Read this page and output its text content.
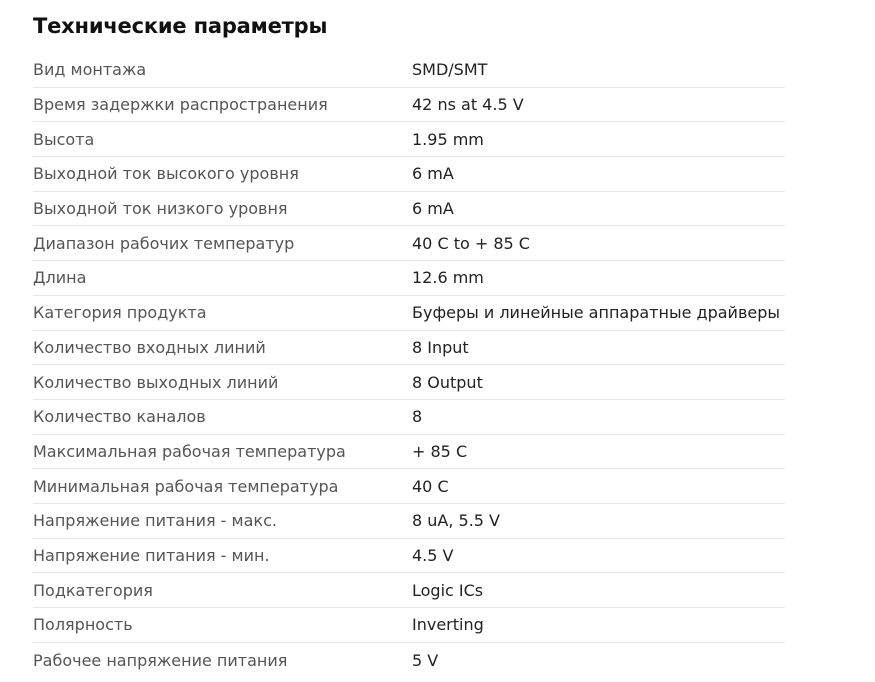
Технические параметры
Вид монтажа	SMD/SMT
Время задержки распространения	42 ns at 4.5 V
Высота	1.95 mm
Выходной ток высокого уровня	6 mA
Выходной ток низкого уровня	6 mA
Диапазон рабочих температур	40 C to + 85 C
Длина	12.6 mm
Категория продукта	Буферы и линейные аппаратные драйверы
Количество входных линий	8 Input
Количество выходных линий	8 Output
Количество каналов	8
Максимальная рабочая температура	+ 85 C
Минимальная рабочая температура	40 C
Напряжение питания - макс.	8 uA, 5.5 V
Напряжение питания - мин.	4.5 V
Подкатегория	Logic ICs
Полярность	Inverting
Рабочее напряжение питания	5 V
